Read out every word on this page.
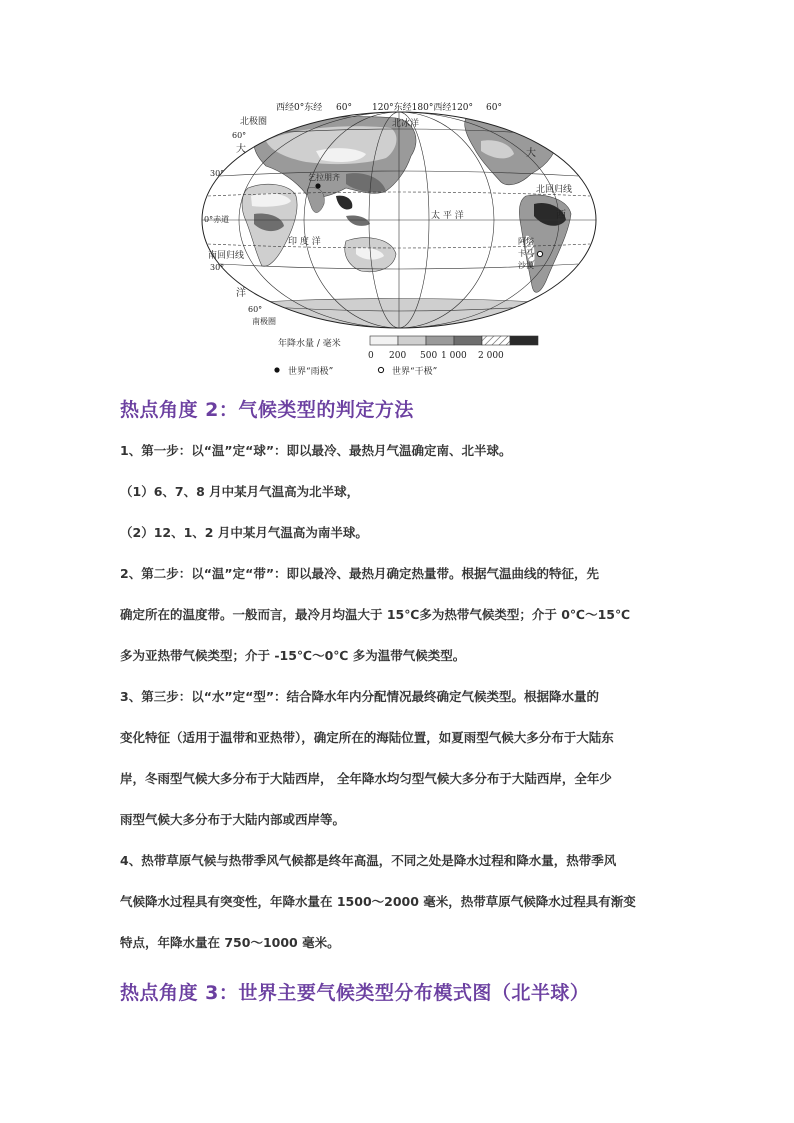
西经0°东经 60° 120°东经180°西经120° 60°
北极圈	北冰洋
大	大
西
洋
60°
30°
0°赤道
30°
60°
北回归线
南回归线
南极圈
太 平 洋
印 度 洋
乞拉朋齐
阿塔
卡马
沙漠
年降水量 / 毫米
0 200 500 1 000 2 000
世界“雨极”	世界“干极”
热点角度 2：气候类型的判定方法

1、第一步：以“温”定“球”：即以最冷、最热月气温确定南、北半球。

（1）6、7、8 月中某月气温高为北半球，

（2）12、1、2 月中某月气温高为南半球。

2、第二步：以“温”定“带”：即以最冷、最热月确定热量带。根据气温曲线的特征，先

确定所在的温度带。一般而言，最冷月均温大于 15℃多为热带气候类型；介于 0℃～15℃

多为亚热带气候类型；介于 -15℃～0℃ 多为温带气候类型。

3、第三步：以“水”定“型”：结合降水年内分配情况最终确定气候类型。根据降水量的

变化特征（适用于温带和亚热带），确定所在的海陆位置，如夏雨型气候大多分布于大陆东

岸，冬雨型气候大多分布于大陆西岸， 全年降水均匀型气候大多分布于大陆西岸，全年少

雨型气候大多分布于大陆内部或西岸等。

4、热带草原气候与热带季风气候都是终年高温，不同之处是降水过程和降水量，热带季风

气候降水过程具有突变性，年降水量在 1500～2000 毫米，热带草原气候降水过程具有渐变

特点，年降水量在 750～1000 毫米。

热点角度 3：世界主要气候类型分布模式图（北半球）
